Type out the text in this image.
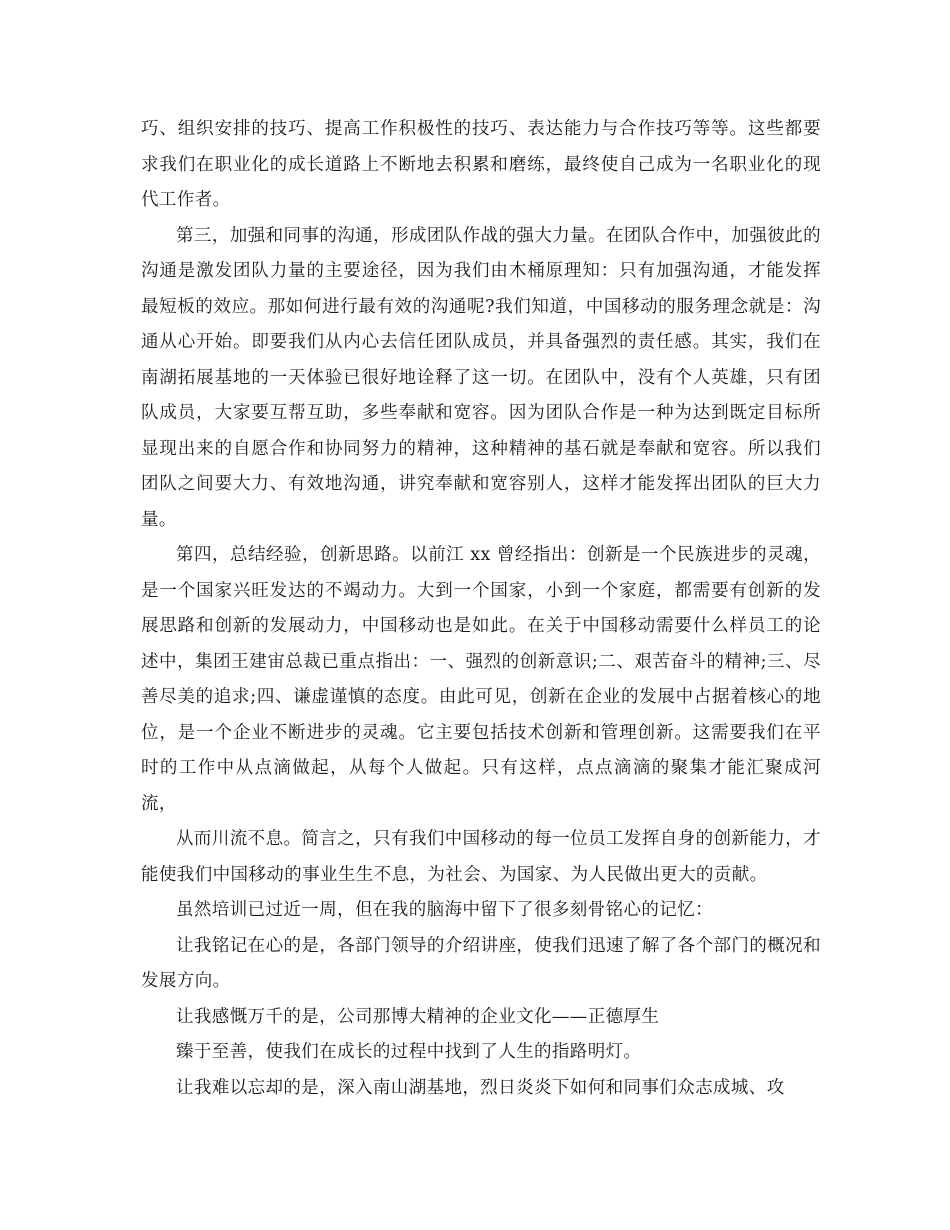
巧、组织安排的技巧、提高工作积极性的技巧、表达能力与合作技巧等等。这些都要求我们在职业化的成长道路上不断地去积累和磨练，最终使自己成为一名职业化的现代工作者。

第三，加强和同事的沟通，形成团队作战的强大力量。在团队合作中，加强彼此的沟通是激发团队力量的主要途径，因为我们由木桶原理知：只有加强沟通，才能发挥最短板的效应。那如何进行最有效的沟通呢?我们知道，中国移动的服务理念就是：沟通从心开始。即要我们从内心去信任团队成员，并具备强烈的责任感。其实，我们在南湖拓展基地的一天体验已很好地诠释了这一切。在团队中，没有个人英雄，只有团队成员，大家要互帮互助，多些奉献和宽容。因为团队合作是一种为达到既定目标所显现出来的自愿合作和协同努力的精神，这种精神的基石就是奉献和宽容。所以我们团队之间要大力、有效地沟通，讲究奉献和宽容别人，这样才能发挥出团队的巨大力量。

第四，总结经验，创新思路。以前江 xx 曾经指出：创新是一个民族进步的灵魂，是一个国家兴旺发达的不竭动力。大到一个国家，小到一个家庭，都需要有创新的发展思路和创新的发展动力，中国移动也是如此。在关于中国移动需要什么样员工的论述中，集团王建宙总裁已重点指出：一、强烈的创新意识;二、艰苦奋斗的精神;三、尽善尽美的追求;四、谦虚谨慎的态度。由此可见，创新在企业的发展中占据着核心的地位，是一个企业不断进步的灵魂。它主要包括技术创新和管理创新。这需要我们在平时的工作中从点滴做起，从每个人做起。只有这样，点点滴滴的聚集才能汇聚成河流，

从而川流不息。简言之，只有我们中国移动的每一位员工发挥自身的创新能力，才能使我们中国移动的事业生生不息，为社会、为国家、为人民做出更大的贡献。

虽然培训已过近一周，但在我的脑海中留下了很多刻骨铭心的记忆：

让我铭记在心的是，各部门领导的介绍讲座，使我们迅速了解了各个部门的概况和发展方向。

让我感慨万千的是，公司那博大精神的企业文化——正德厚生

臻于至善，使我们在成长的过程中找到了人生的指路明灯。

让我难以忘却的是，深入南山湖基地，烈日炎炎下如何和同事们众志成城、攻
